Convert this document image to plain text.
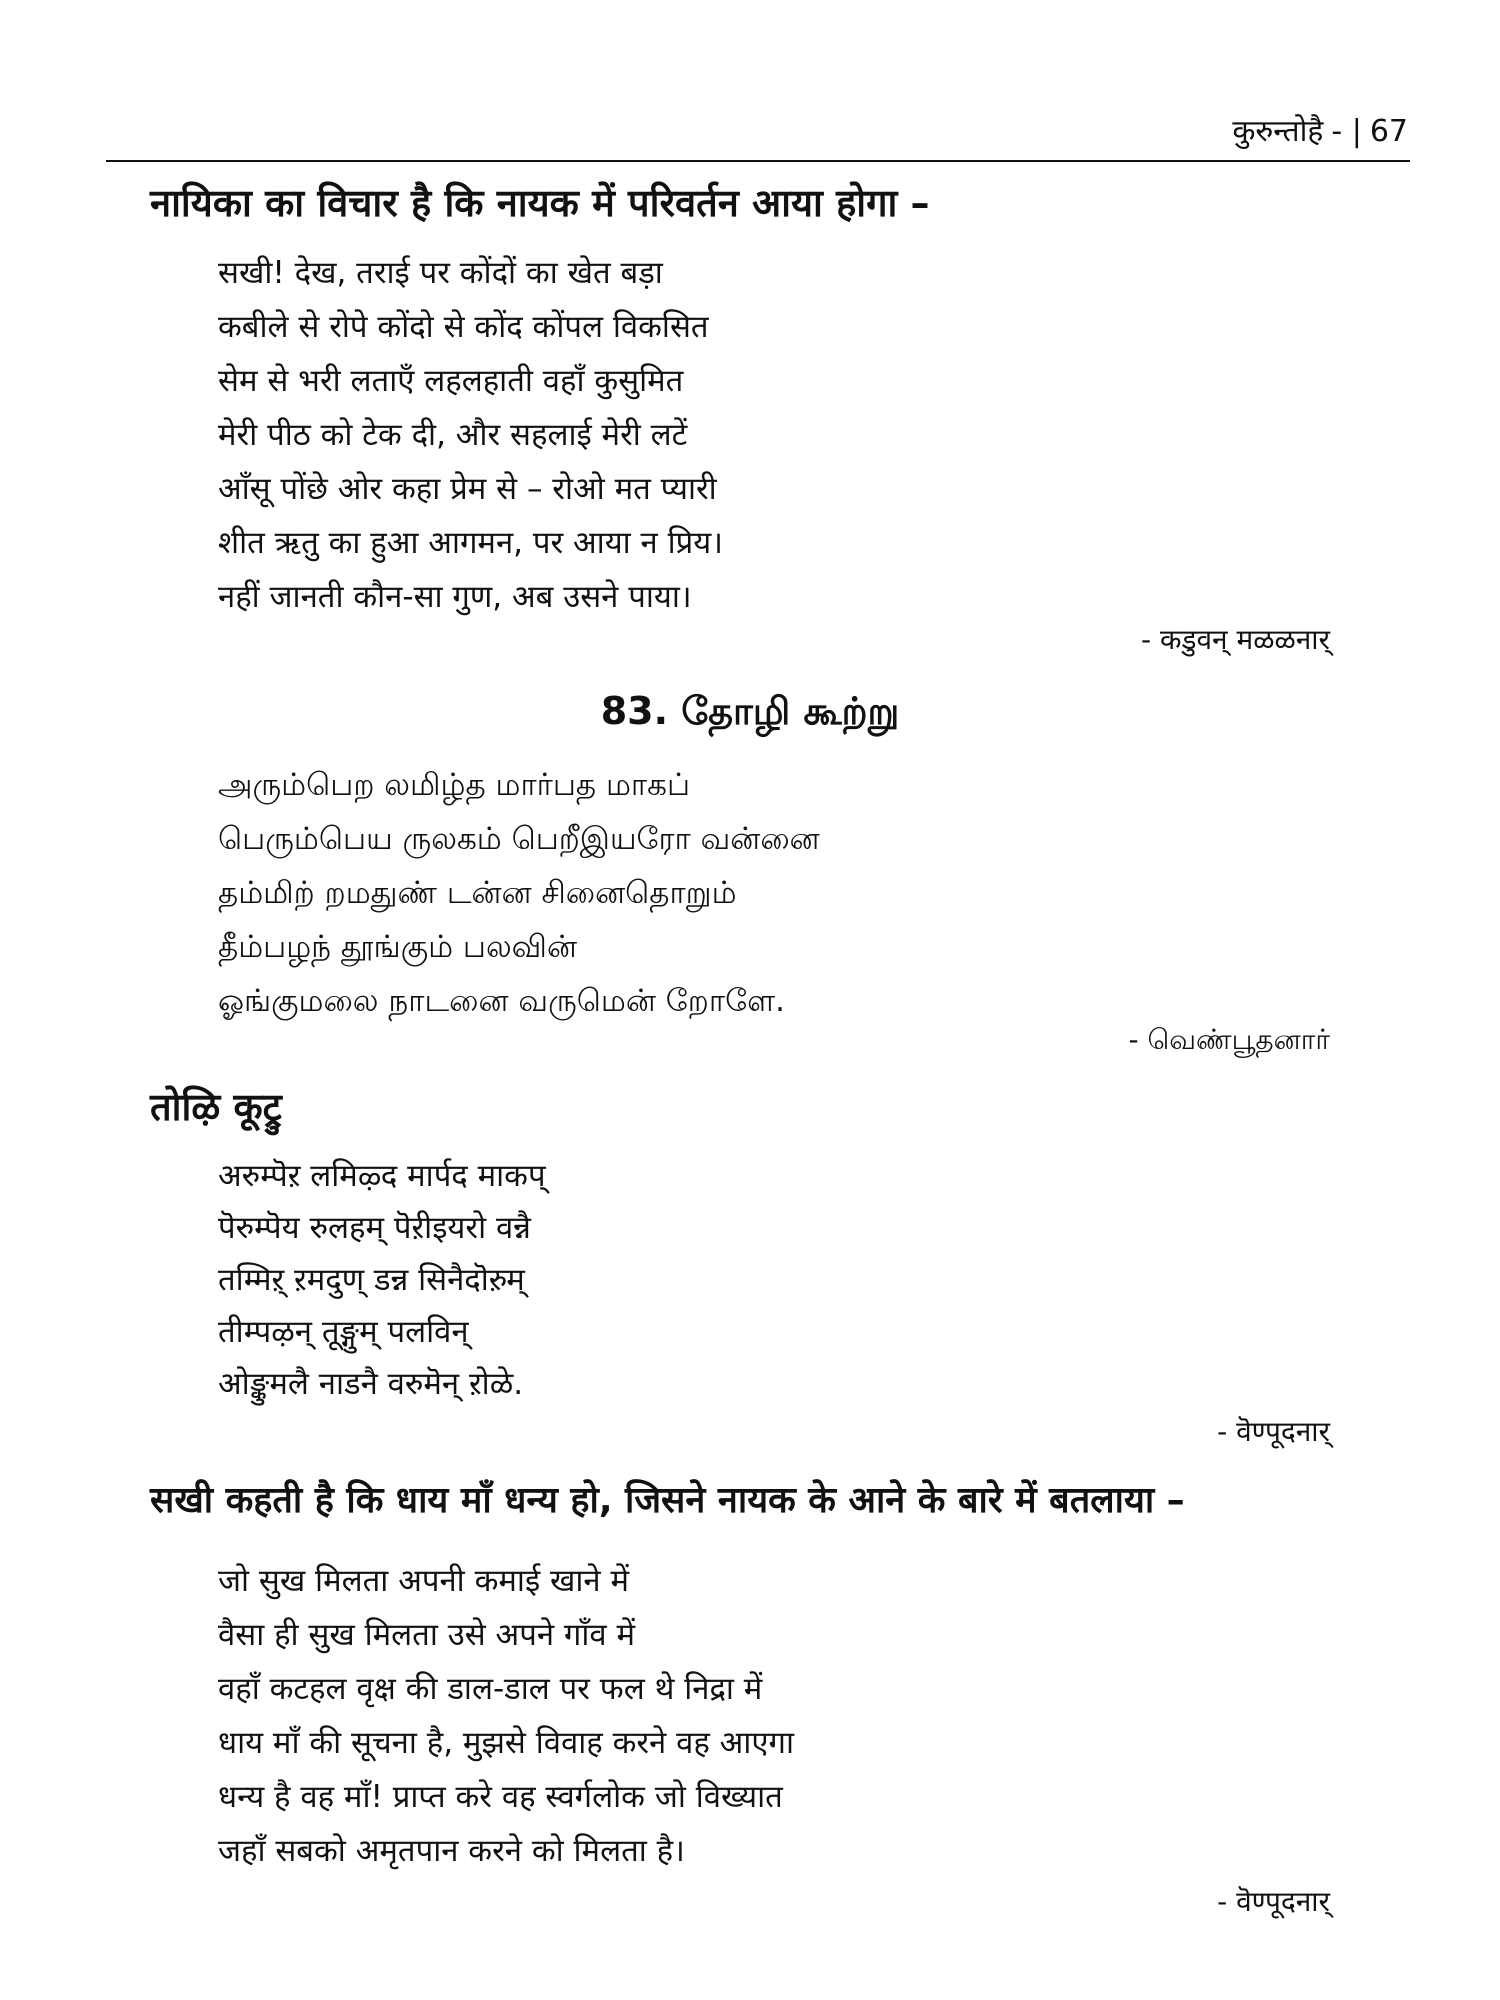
कुरुन्तोहै - | 67
नायिका का विचार है कि नायक में परिवर्तन आया होगा –
सखी! देख, तराई पर कोंदों का खेत बड़ा
कबीले से रोपे कोंदो से कोंद कोंपल विकसित
सेम से भरी लताएँ लहलहाती वहाँ कुसुमित
मेरी पीठ को टेक दी, और सहलाई मेरी लटें
आँसू पोंछे ओर कहा प्रेम से – रोओ मत प्यारी
शीत ऋतु का हुआ आगमन, पर आया न प्रिय।
नहीं जानती कौन-सा गुण, अब उसने पाया।
- कडुवन् मळळनार्
83. தோழி கூற்று
அரும்பெற லமிழ்த மார்பத மாகப்
பெரும்பெய ருலகம் பெறீஇயரோ வன்னை
தம்மிற் றமதுண் டன்ன சினைதொறும்
தீம்பழந் தூங்கும் பலவின்
ஓங்குமலை நாடனை வருமென் றோளே.
- வெண்பூதனார்
तोऴि कूट्रु
अरुम्पॆऱ लमिऴ्द मार्पद माकप्
पॆरुम्पॆय रुलहम् पॆऱीइयरो वन्नै
तम्मिऱ् ऱमदुण् डन्न सिनैदॊऱुम्
तीम्पऴन् तूङ्गुम् पलविन्
ओङ्कुमलै नाडनै वरुमॆन् ऱोळे.
- वॆण्पूदनार्
सखी कहती है कि धाय माँ धन्य हो, जिसने नायक के आने के बारे में बतलाया –
जो सुख मिलता अपनी कमाई खाने में
वैसा ही सुख मिलता उसे अपने गाँव में
वहाँ कटहल वृक्ष की डाल-डाल पर फल थे निद्रा में
धाय माँ की सूचना है, मुझसे विवाह करने वह आएगा
धन्य है वह माँ! प्राप्त करे वह स्वर्गलोक जो विख्यात
जहाँ सबको अमृतपान करने को मिलता है।
- वॆण्पूदनार्
